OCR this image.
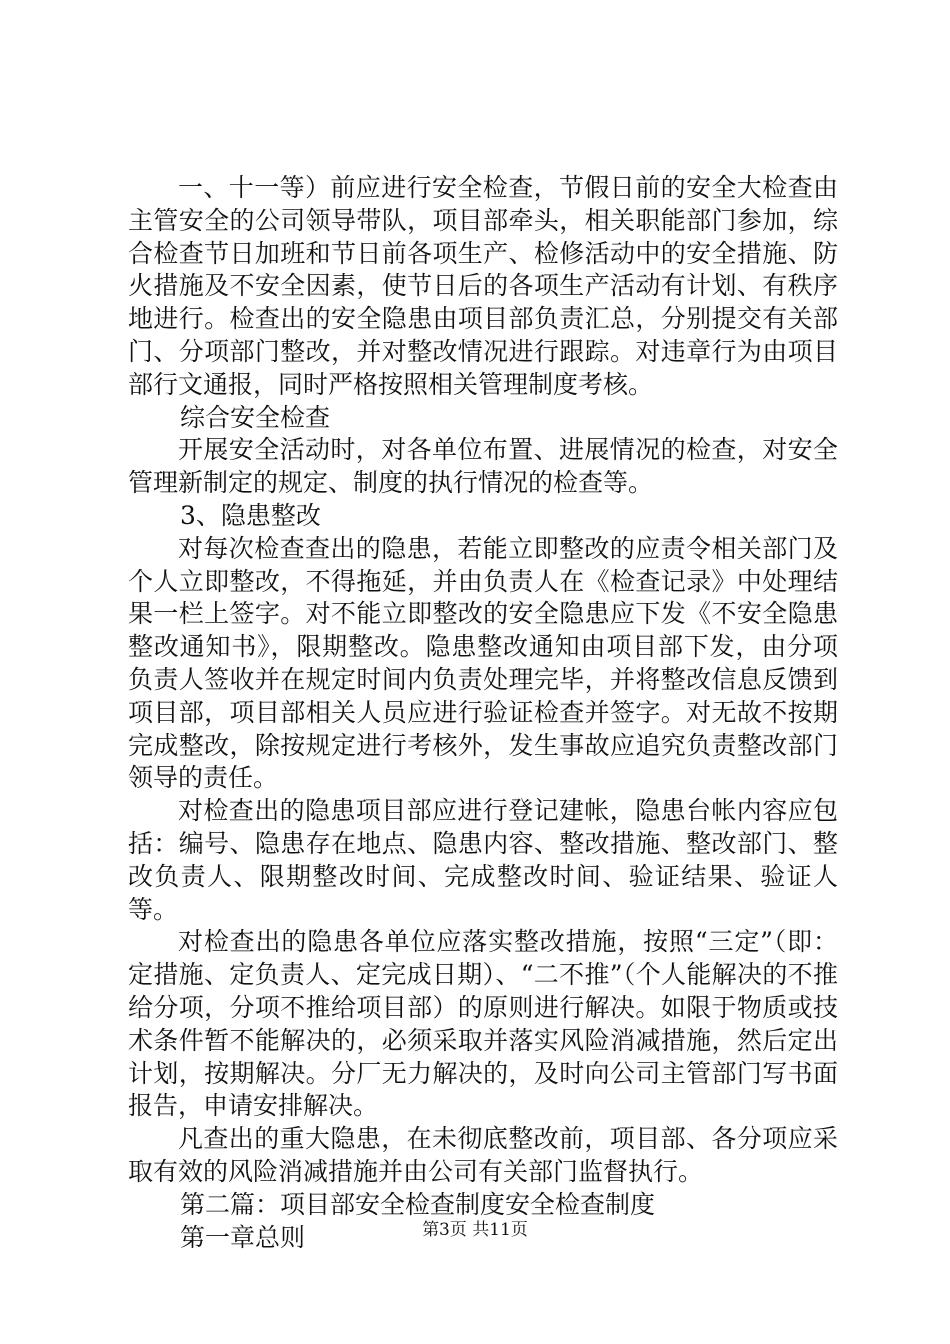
一、十一等）前应进行安全检查，节假日前的安全大检查由主管安全的公司领导带队，项目部牵头，相关职能部门参加，综合检查节日加班和节日前各项生产、检修活动中的安全措施、防火措施及不安全因素，使节日后的各项生产活动有计划、有秩序地进行。检查出的安全隐患由项目部负责汇总，分别提交有关部门、分项部门整改，并对整改情况进行跟踪。对违章行为由项目部行文通报，同时严格按照相关管理制度考核。

综合安全检查

开展安全活动时，对各单位布置、进展情况的检查，对安全管理新制定的规定、制度的执行情况的检查等。

3、隐患整改

对每次检查查出的隐患，若能立即整改的应责令相关部门及个人立即整改，不得拖延，并由负责人在《检查记录》中处理结果一栏上签字。对不能立即整改的安全隐患应下发《不安全隐患整改通知书》，限期整改。隐患整改通知由项目部下发，由分项负责人签收并在规定时间内负责处理完毕，并将整改信息反馈到项目部，项目部相关人员应进行验证检查并签字。对无故不按期完成整改，除按规定进行考核外，发生事故应追究负责整改部门领导的责任。

对检查出的隐患项目部应进行登记建帐，隐患台帐内容应包括：编号、隐患存在地点、隐患内容、整改措施、整改部门、整改负责人、限期整改时间、完成整改时间、验证结果、验证人等。

对检查出的隐患各单位应落实整改措施，按照“三定”（即：定措施、定负责人、定完成日期）、“二不推”（个人能解决的不推给分项，分项不推给项目部）的原则进行解决。如限于物质或技术条件暂不能解决的，必须采取并落实风险消减措施，然后定出计划，按期解决。分厂无力解决的，及时向公司主管部门写书面报告，申请安排解决。

凡查出的重大隐患，在未彻底整改前，项目部、各分项应采取有效的风险消减措施并由公司有关部门监督执行。

第二篇：项目部安全检查制度安全检查制度

第一章总则	第3页 共11页
